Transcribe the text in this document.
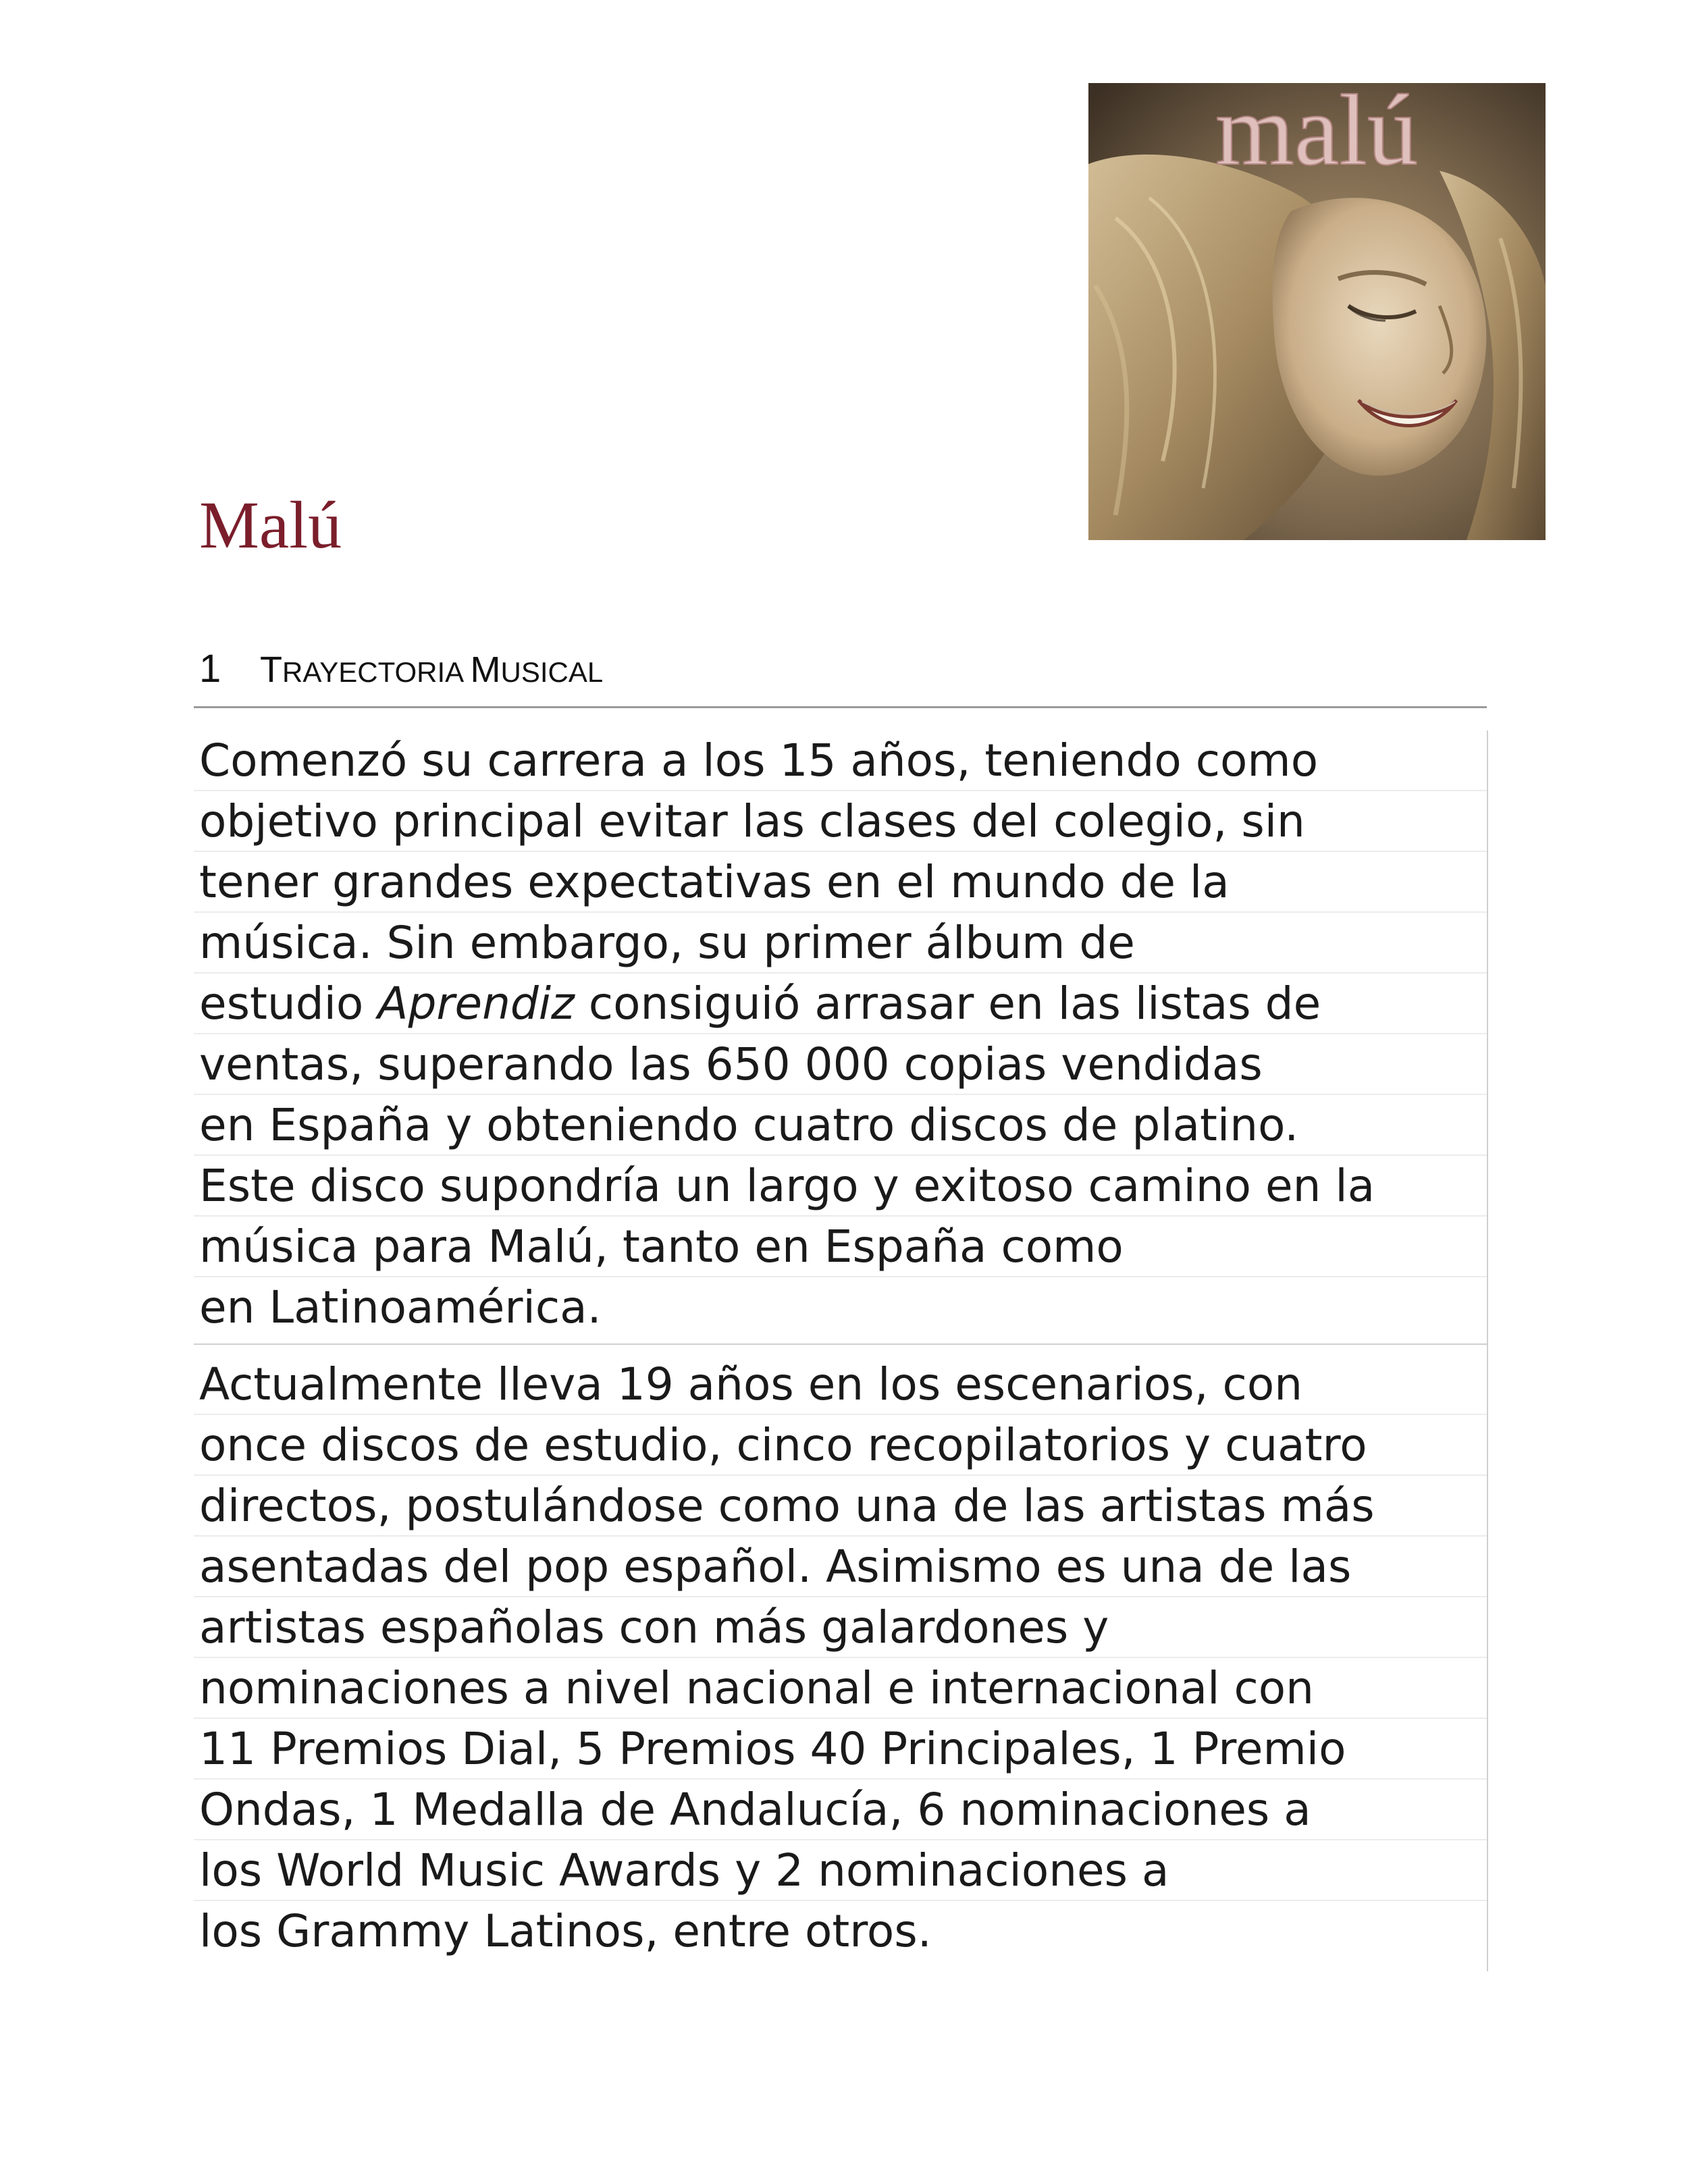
malú
Malú
1 TRAYECTORIA MUSICAL
Comenzó su carrera a los 15 años, teniendo como
objetivo principal evitar las clases del colegio, sin
tener grandes expectativas en el mundo de la
música. Sin embargo, su primer álbum de
estudio Aprendiz consiguió arrasar en las listas de
ventas, superando las 650 000 copias vendidas
en España y obteniendo cuatro discos de platino.
Este disco supondría un largo y exitoso camino en la
música para Malú, tanto en España como
en Latinoamérica.
Actualmente lleva 19 años en los escenarios, con
once discos de estudio, cinco recopilatorios y cuatro
directos, postulándose como una de las artistas más
asentadas del pop español. Asimismo es una de las
artistas españolas con más galardones y
nominaciones a nivel nacional e internacional con
11 Premios Dial, 5 Premios 40 Principales, 1 Premio
Ondas, 1 Medalla de Andalucía, 6 nominaciones a
los World Music Awards y 2 nominaciones a
los Grammy Latinos, entre otros.
